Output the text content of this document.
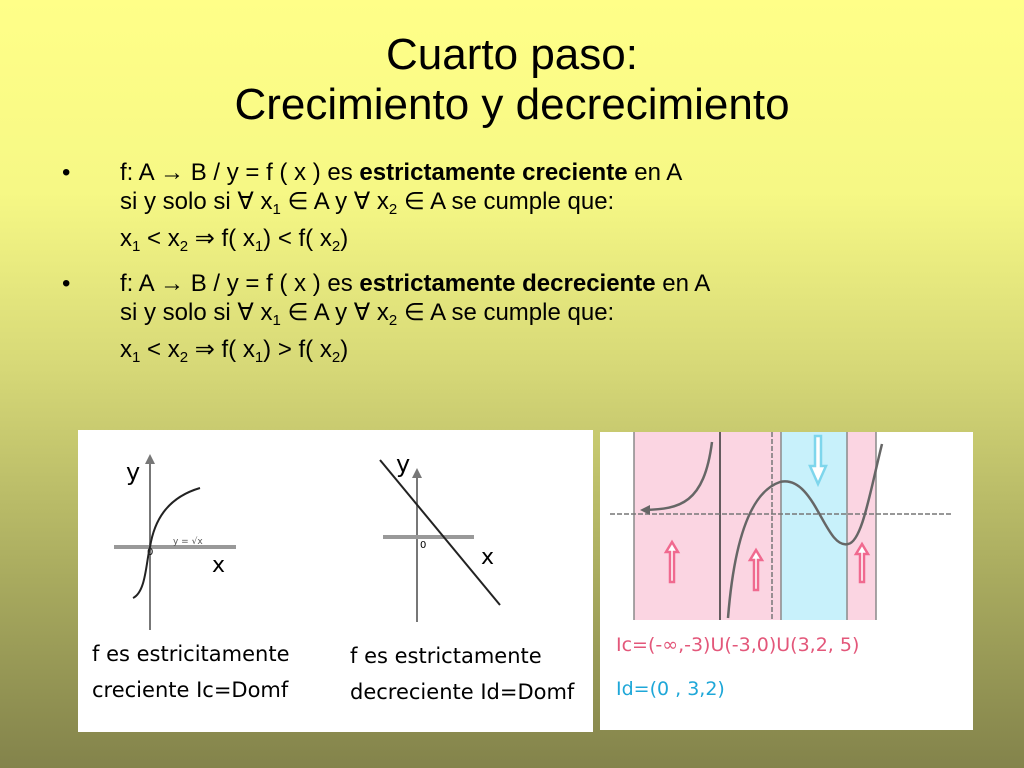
Cuarto paso:
Crecimiento y decrecimiento
• f: A → B / y = f ( x ) es estrictamente creciente en A
si y solo si ∀ $x_1$ ∈ A y ∀ $x_2$ ∈ A se cumple que:
$x_1 < x_2$ ⇒ f( $x_1) < f$( $x_2$)
• f: A → B / y = f ( x ) es estrictamente decreciente en A
si y solo si ∀ $x_1$ ∈ A y ∀ $x_2$ ∈ A se cumple que:
$x_1 < x_2$ ⇒ f( $x_1) > f$( $x_2$)
y
x
0
y = √x
y
x
0
f es estricitamente
creciente Ic=Domf
f es estrictamente
decreciente Id=Domf
Ic=(-∞,-3)U(-3,0)U(3,2, 5)
Id=(0 , 3,2)
